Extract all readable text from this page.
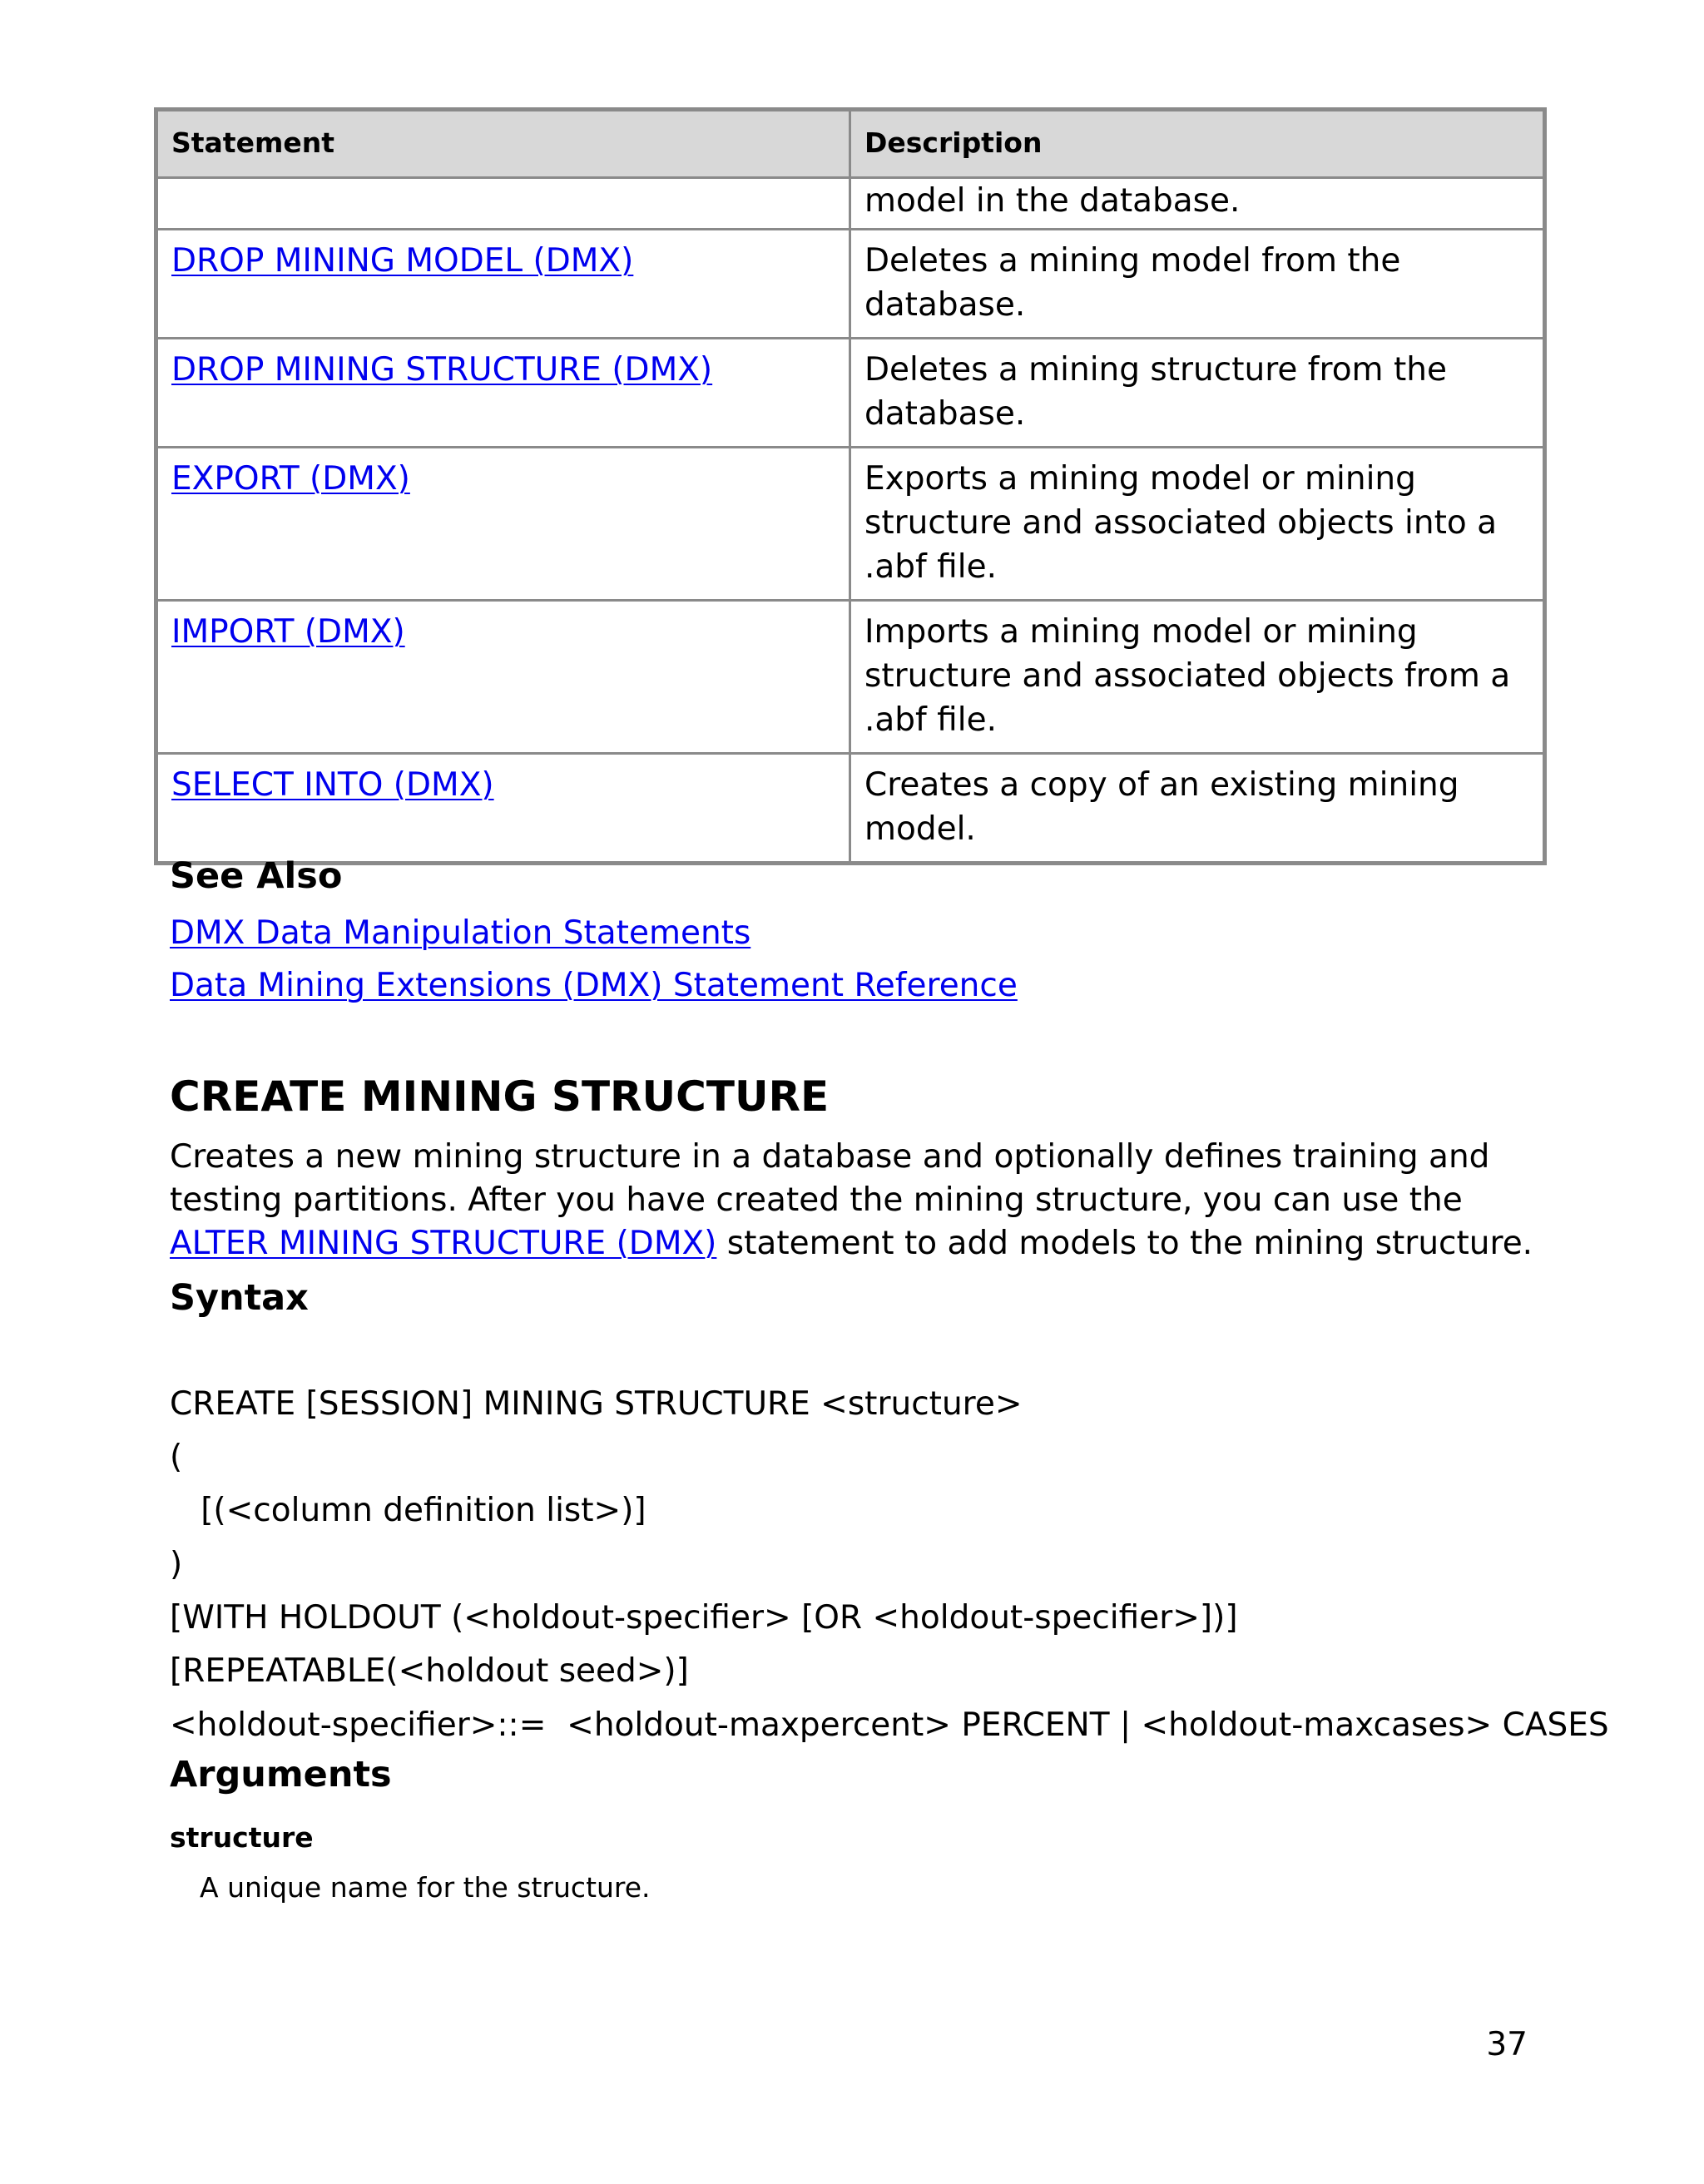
Statement	Description
	model in the database.
DROP MINING MODEL (DMX)	Deletes a mining model from the database.
DROP MINING STRUCTURE (DMX)	Deletes a mining structure from the database.
EXPORT (DMX)	Exports a mining model or mining structure and associated objects into a .abf file.
IMPORT (DMX)	Imports a mining model or mining structure and associated objects from a .abf file.
SELECT INTO (DMX)	Creates a copy of an existing mining model.
See Also
DMX Data Manipulation Statements
Data Mining Extensions (DMX) Statement Reference
CREATE MINING STRUCTURE

Creates a new mining structure in a database and optionally defines training and testing partitions. After you have created the mining structure, you can use the ALTER MINING STRUCTURE (DMX) statement to add models to the mining structure.

Syntax
CREATE [SESSION] MINING STRUCTURE <structure>
(
[(<column definition list>)]
)
[WITH HOLDOUT (<holdout-specifier> [OR <holdout-specifier>])]
[REPEATABLE(<holdout seed>)]
<holdout-specifier>::=  <holdout-maxpercent> PERCENT | <holdout-maxcases> CASES
Arguments
structure
A unique name for the structure.
37
